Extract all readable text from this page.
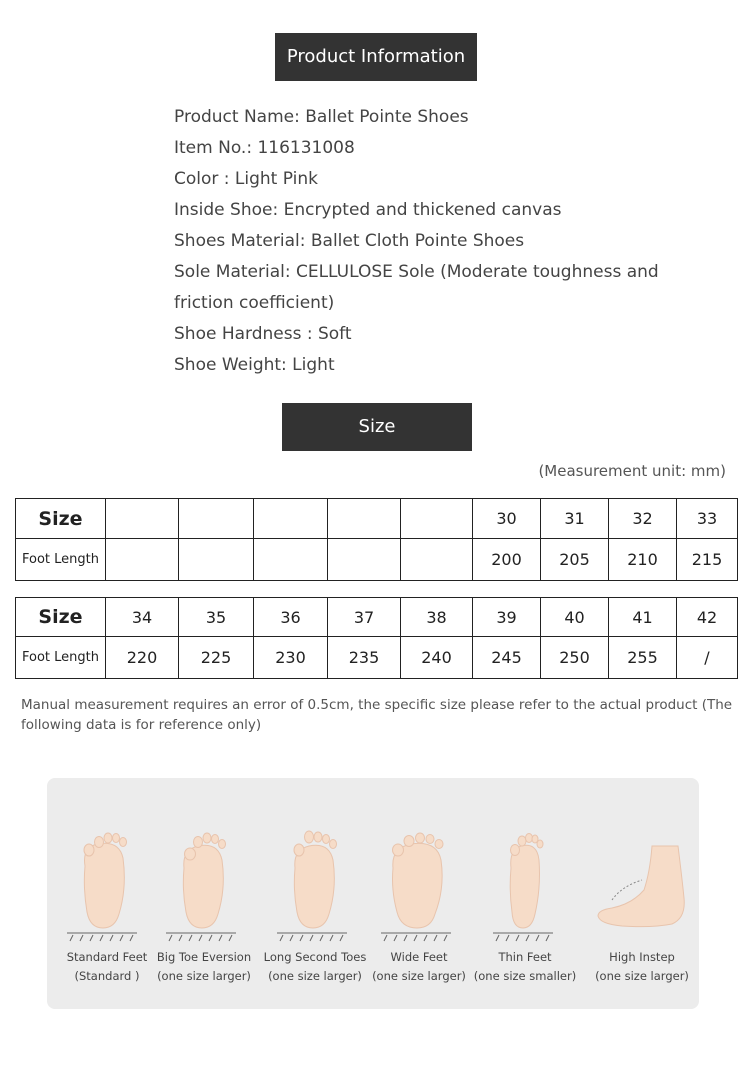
Product Information

Product Name: Ballet Pointe Shoes

Item No.: 116131008

Color : Light Pink

Inside Shoe: Encrypted and thickened canvas

Shoes Material: Ballet Cloth Pointe Shoes

Sole Material: CELLULOSE Sole (Moderate toughness and

friction coefficient)

Shoe Hardness : Soft

Shoe Weight: Light

Size
(Measurement unit: mm)
Size						30	31	32	33
Foot Length						200	205	210	215
Size	34	35	36	37	38	39	40	41	42
Foot Length	220	225	230	235	240	245	250	255	/
Manual measurement requires an error of 0.5cm, the specific size please refer to the actual product (The following data is for reference only)
Standard Feet
(Standard )
Big Toe Eversion
(one size larger)
Long Second Toes
(one size larger)
Wide Feet
(one size larger)
Thin Feet
(one size smaller)
High Instep
(one size larger)
